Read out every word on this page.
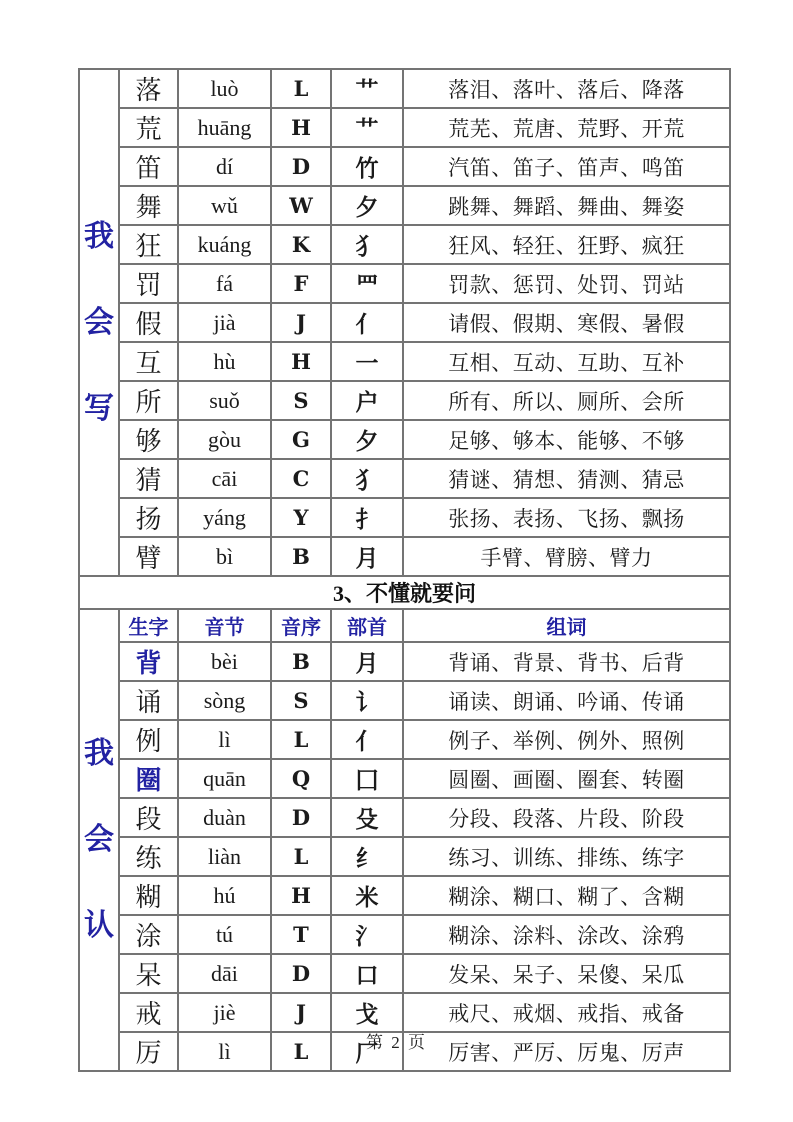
我
会
写	落	luò	L	艹	落泪、落叶、落后、降落
	荒	huāng	H	艹	荒芜、荒唐、荒野、开荒
	笛	dí	D	竹	汽笛、笛子、笛声、鸣笛
	舞	wǔ	W	夕	跳舞、舞蹈、舞曲、舞姿
	狂	kuáng	K	犭	狂风、轻狂、狂野、疯狂
	罚	fá	F	罒	罚款、惩罚、处罚、罚站
	假	jià	J	亻	请假、假期、寒假、暑假
	互	hù	H	一	互相、互动、互助、互补
	所	suǒ	S	户	所有、所以、厕所、会所
	够	gòu	G	夕	足够、够本、能够、不够
	猜	cāi	C	犭	猜谜、猜想、猜测、猜忌
	扬	yáng	Y	扌	张扬、表扬、飞扬、飘扬
	臂	bì	B	月	手臂、臂膀、臂力
3、不懂就要问					

我
会
认	生字	音节	音序	部首	组词
	背	bèi	B	月	背诵、背景、背书、后背
	诵	sòng	S	讠	诵读、朗诵、吟诵、传诵
	例	lì	L	亻	例子、举例、例外、照例
	圈	quān	Q	囗	圆圈、画圈、圈套、转圈
	段	duàn	D	殳	分段、段落、片段、阶段
	练	liàn	L	纟	练习、训练、排练、练字
	糊	hú	H	米	糊涂、糊口、糊了、含糊
	涂	tú	T	氵	糊涂、涂料、涂改、涂鸦
	呆	dāi	D	口	发呆、呆子、呆傻、呆瓜
	戒	jiè	J	戈	戒尺、戒烟、戒指、戒备
	厉	lì	L	厂	厉害、严厉、厉鬼、厉声
第 2 页
